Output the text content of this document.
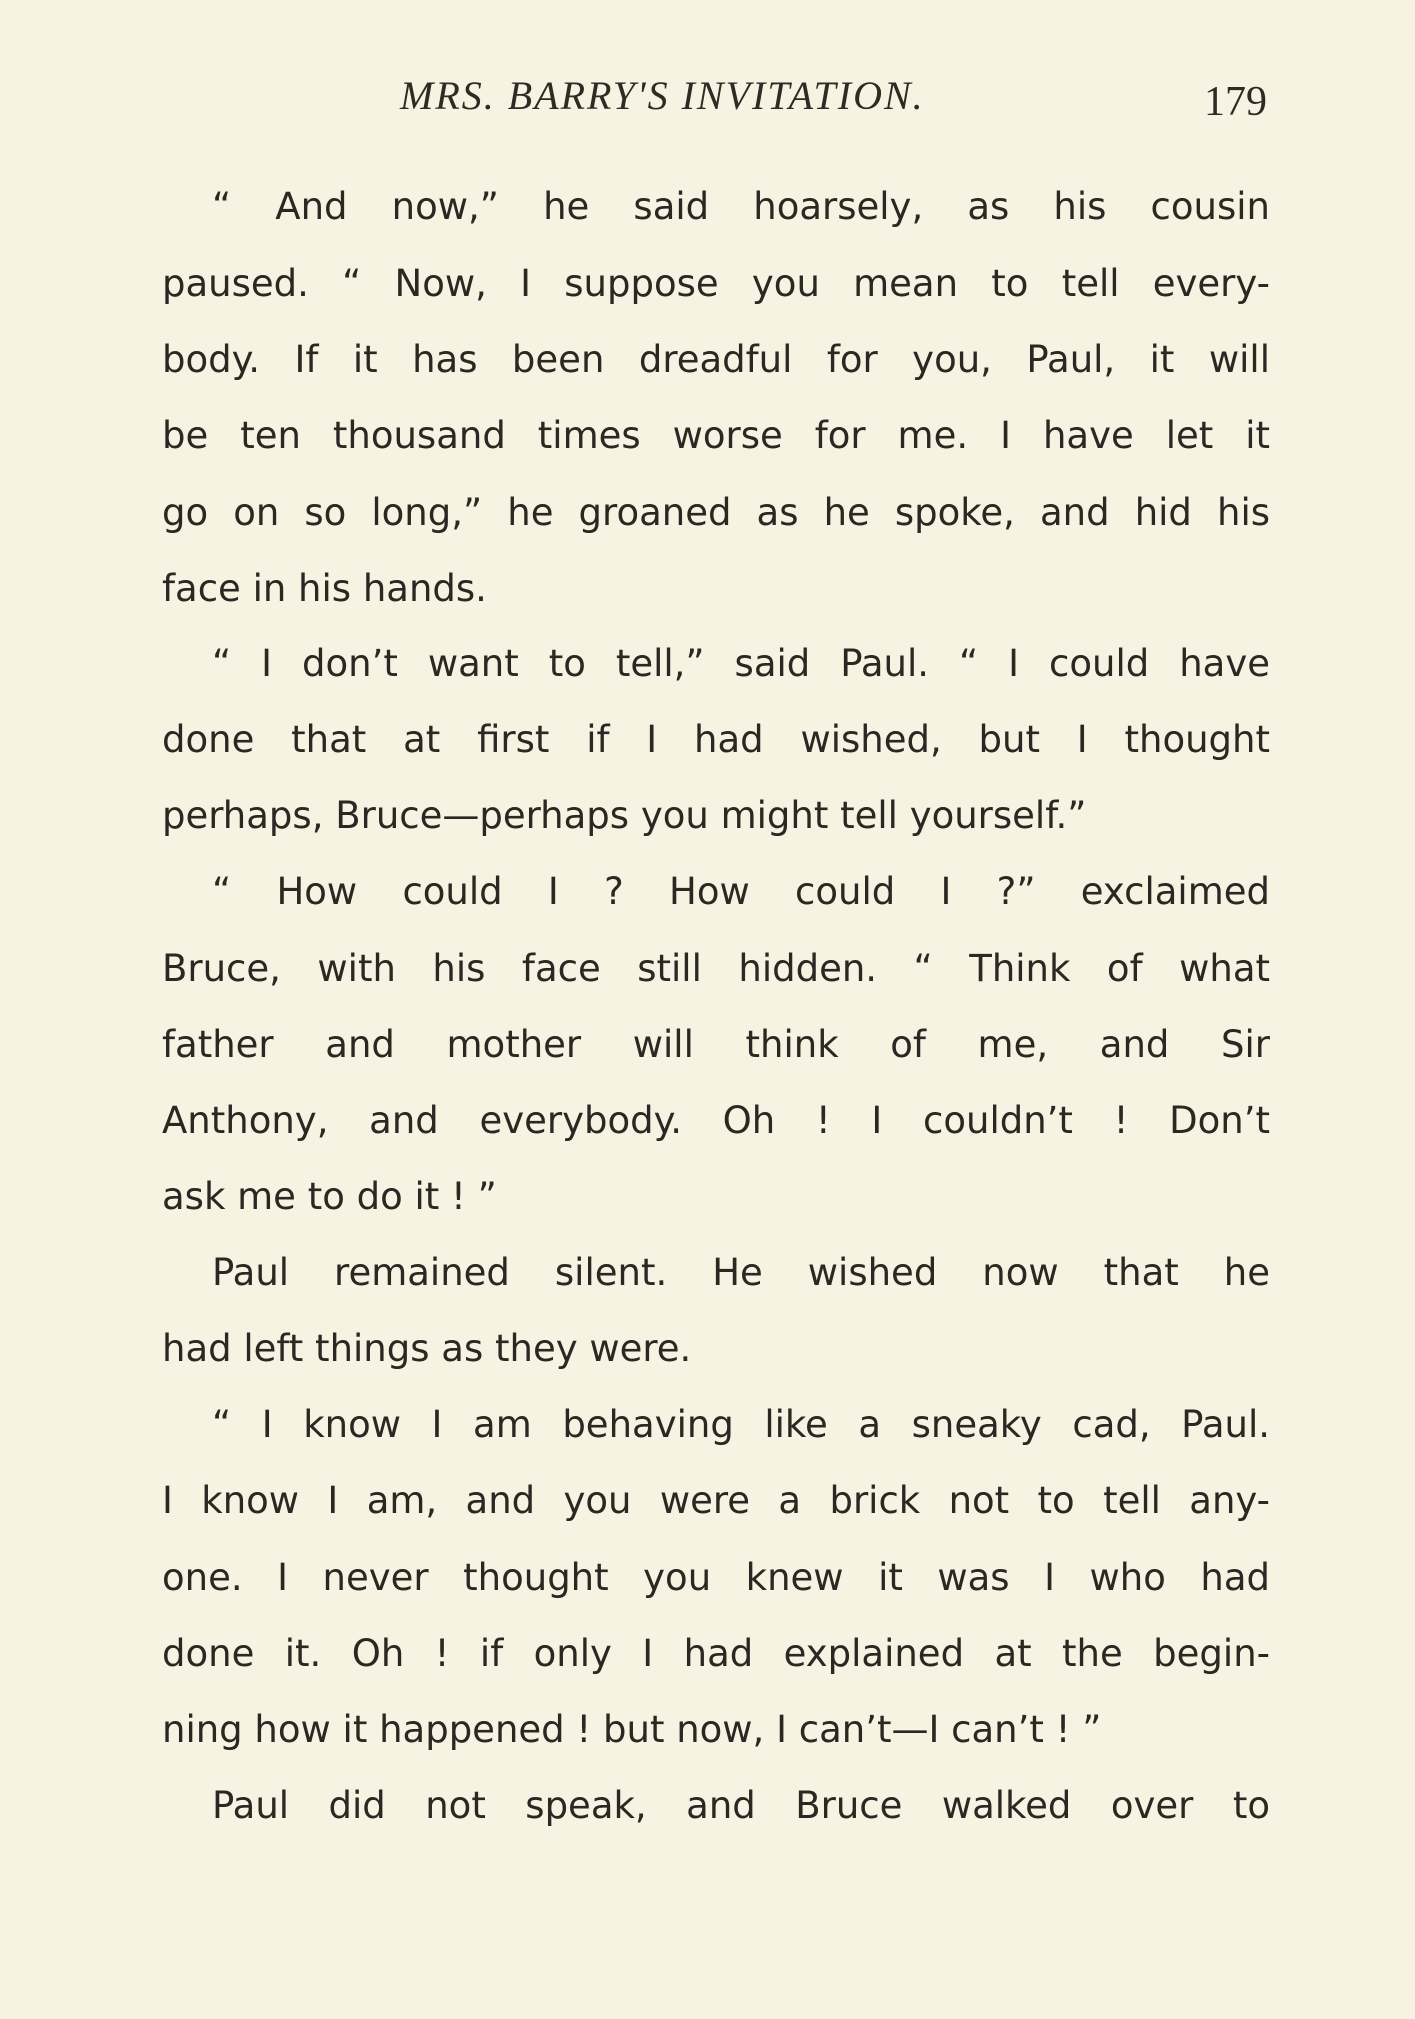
MRS. BARRY'S INVITATION.	179
“ And now,” he said hoarsely, as his cousin
paused. “ Now, I suppose you mean to tell every-
body. If it has been dreadful for you, Paul, it will
be ten thousand times worse for me. I have let it
go on so long,” he groaned as he spoke, and hid his
face in his hands.
“ I don’t want to tell,” said Paul. “ I could have
done that at first if I had wished, but I thought
perhaps, Bruce—perhaps you might tell yourself.”
“ How could I ? How could I ?” exclaimed
Bruce, with his face still hidden. “ Think of what
father and mother will think of me, and Sir
Anthony, and everybody. Oh ! I couldn’t ! Don’t
ask me to do it ! ”
Paul remained silent. He wished now that he
had left things as they were.
“ I know I am behaving like a sneaky cad, Paul.
I know I am, and you were a brick not to tell any-
one. I never thought you knew it was I who had
done it. Oh ! if only I had explained at the begin-
ning how it happened ! but now, I can’t—I can’t ! ”
Paul did not speak, and Bruce walked over to
